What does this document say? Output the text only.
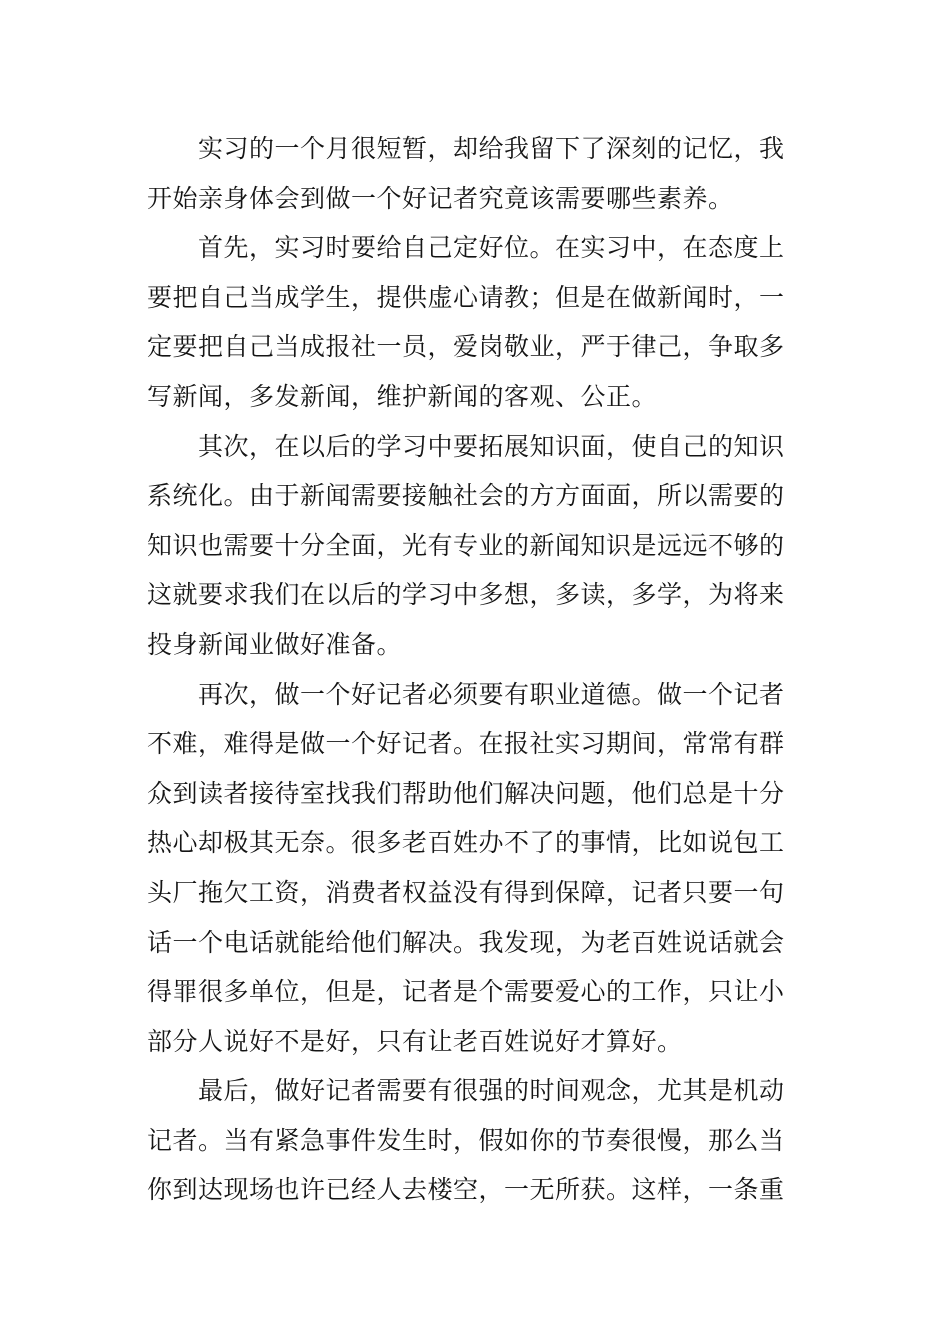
实习的一个月很短暂，却给我留下了深刻的记忆，我
开始亲身体会到做一个好记者究竟该需要哪些素养。
首先，实习时要给自己定好位。在实习中，在态度上
要把自己当成学生，提供虚心请教；但是在做新闻时，一
定要把自己当成报社一员，爱岗敬业，严于律己，争取多
写新闻，多发新闻，维护新闻的客观、公正。
其次，在以后的学习中要拓展知识面，使自己的知识
系统化。由于新闻需要接触社会的方方面面，所以需要的
知识也需要十分全面，光有专业的新闻知识是远远不够的
这就要求我们在以后的学习中多想，多读，多学，为将来
投身新闻业做好准备。
再次，做一个好记者必须要有职业道德。做一个记者
不难，难得是做一个好记者。在报社实习期间，常常有群
众到读者接待室找我们帮助他们解决问题，他们总是十分
热心却极其无奈。很多老百姓办不了的事情，比如说包工
头厂拖欠工资，消费者权益没有得到保障，记者只要一句
话一个电话就能给他们解决。我发现，为老百姓说话就会
得罪很多单位，但是，记者是个需要爱心的工作，只让小
部分人说好不是好，只有让老百姓说好才算好。
最后，做好记者需要有很强的时间观念，尤其是机动
记者。当有紧急事件发生时，假如你的节奏很慢，那么当
你到达现场也许已经人去楼空，一无所获。这样，一条重
